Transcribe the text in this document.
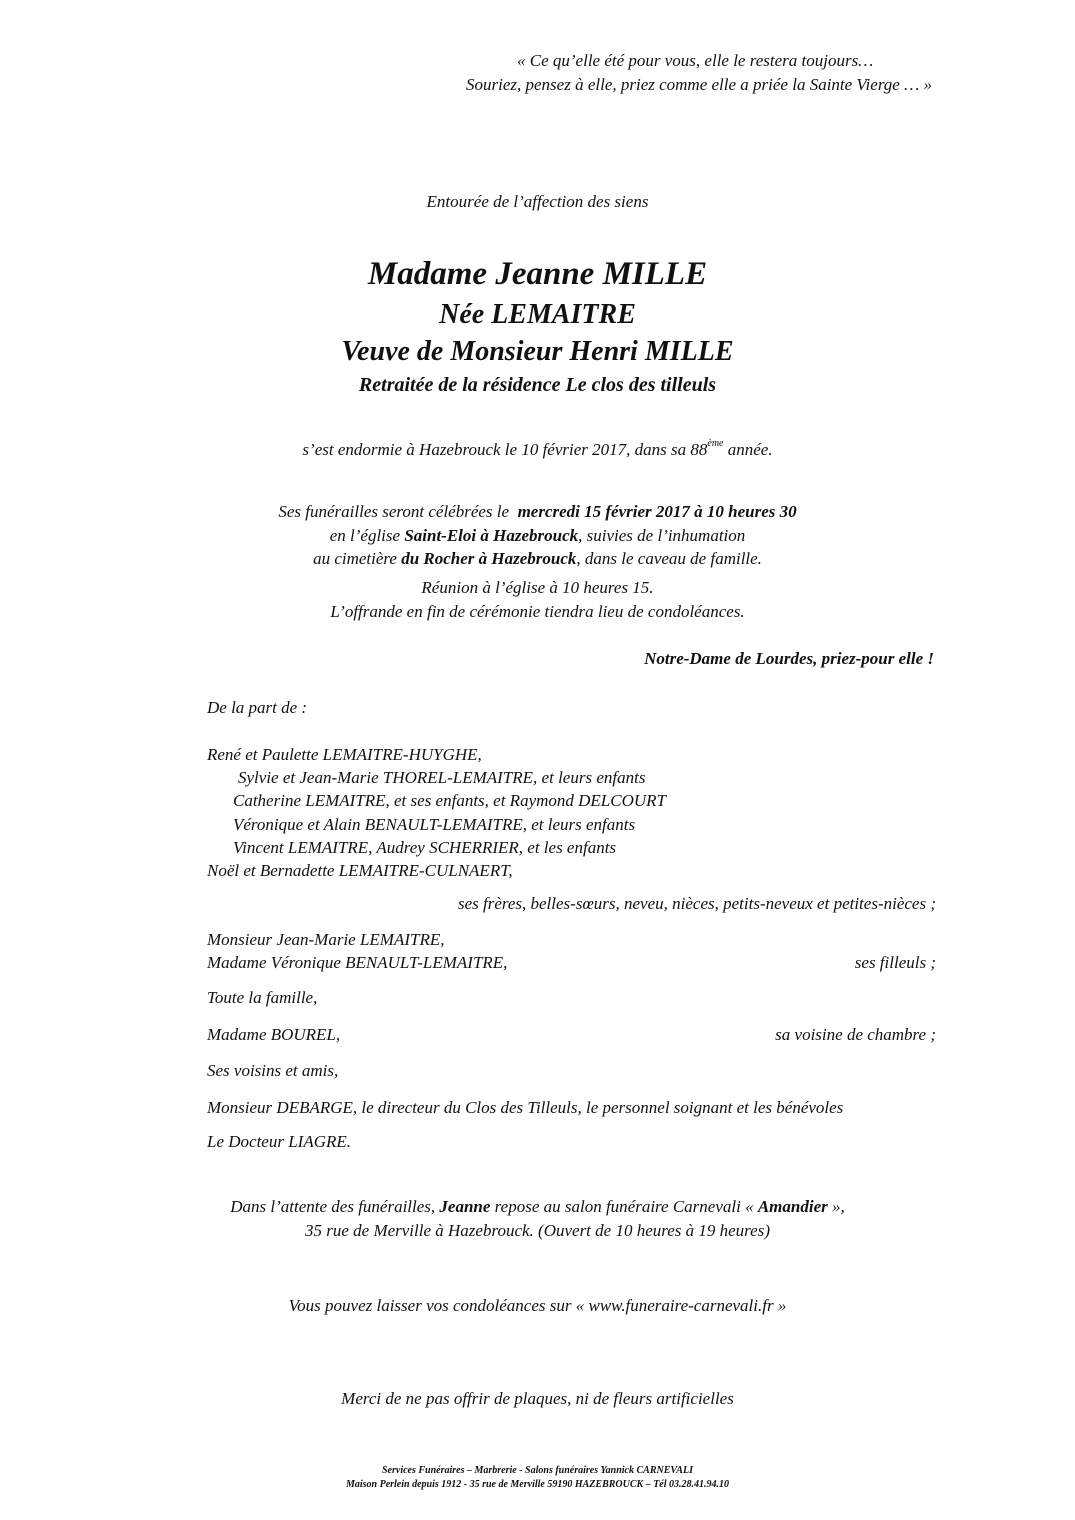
« Ce qu’elle été pour vous, elle le restera toujours…
Souriez, pensez à elle, priez comme elle a priée la Sainte Vierge … »
Entourée de l’affection des siens
Madame Jeanne MILLE
Née LEMAITRE
Veuve de Monsieur Henri MILLE
Retraitée de la résidence Le clos des tilleuls
s’est endormie à Hazebrouck le 10 février 2017, dans sa 88ème année.
Ses funérailles seront célébrées le  mercredi 15 février 2017 à 10 heures 30
en l’église Saint-Eloi à Hazebrouck, suivies de l’inhumation
au cimetière du Rocher à Hazebrouck, dans le caveau de famille.
Réunion à l’église à 10 heures 15.
L’offrande en fin de cérémonie tiendra lieu de condoléances.
Notre-Dame de Lourdes, priez-pour elle !
De la part de :
René et Paulette LEMAITRE-HUYGHE,
Sylvie et Jean-Marie THOREL-LEMAITRE, et leurs enfants
Catherine LEMAITRE, et ses enfants, et Raymond DELCOURT
Véronique et Alain BENAULT-LEMAITRE, et leurs enfants
Vincent LEMAITRE, Audrey SCHERRIER, et les enfants
Noël et Bernadette LEMAITRE-CULNAERT,
ses frères, belles-sœurs, neveu, nièces, petits-neveux et petites-nièces ;
Monsieur Jean-Marie LEMAITRE,
Madame Véronique BENAULT-LEMAITRE,	ses filleuls ;
Toute la famille,
Madame BOUREL,	sa voisine de chambre ;
Ses voisins et amis,
Monsieur DEBARGE, le directeur du Clos des Tilleuls, le personnel soignant et les bénévoles
Le Docteur LIAGRE.
Dans l’attente des funérailles, Jeanne repose au salon funéraire Carnevali « Amandier »,
35 rue de Merville à Hazebrouck. (Ouvert de 10 heures à 19 heures)
Vous pouvez laisser vos condoléances sur « www.funeraire-carnevali.fr »
Merci de ne pas offrir de plaques, ni de fleurs artificielles
Services Funéraires – Marbrerie - Salons funéraires Yannick CARNEVALI
Maison Perlein depuis 1912 - 35 rue de Merville 59190 HAZEBROUCK – Tél 03.28.41.94.10
